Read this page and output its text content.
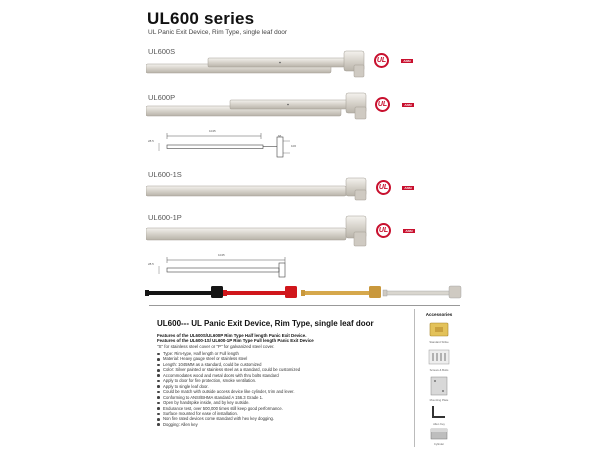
UL600 series
UL Panic Exit Device, Rim Type, single leaf door
UL600S
UL	ANSI
UL600P
UL	ANSI
1045
28.5
66
106
UL600-1S
UL	ANSI
UL600-1P
UL	ANSI
1045
28.5
UL600--- UL Panic Exit Device, Rim Type, single leaf door
Features of the UL600S/UL600P Rim Type Half length Panic Exit Device.
Features of the UL600-1S/ UL600-1P Rim Type Full length Panic Exit Device
"S" for stainless steel cover or "P" for galvanized steel cover.
Type: Rim-type, Half length or Full length
Material: Heavy gauge steel or stainless steel
Length: 1045MM as a standard, could be customized
Color: Silver painted or stainless steel as a standard, could be customized
Accommodates wood and metal doors with thru bolts standard
Apply to door for fire protection, smoke ventilation.
Apply to single leaf door.
Could be match with outside access device like cylinder, trim and lever.
Conforming to ANSI/BHMA standard A 156.3 Grade 1.
Open by handspike inside, and by key outside.
Endurance test, over 500,000 times still keep good performance.
Surface mounted for ease of installation.
Non fire rated devices come standard with hex key dogging.
Dogging: Allen key
Accessories
Standard Strike
Screws & Bolts
Mounting Plate
Allen Key
Cylinder
